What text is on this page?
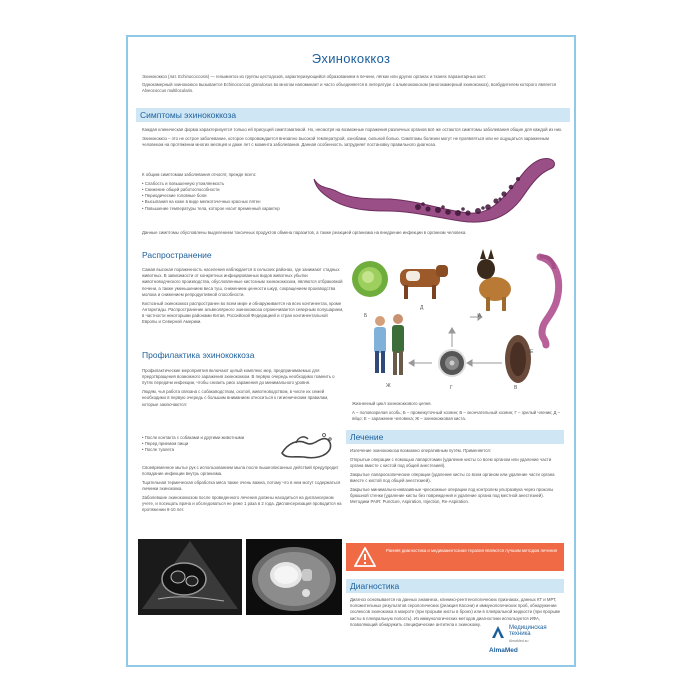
Эхинококкоз

Эхинококкоз (лат. Echinococcosis) — гельминтоз из группы цестодозов, характеризующийся образованием в печени, лёгких или других органах и тканях паразитарных кист.

Однокамерный эхинококкоз вызывается Echinococcus granulosus во многом напоминает и часто объединяется в литературе с альвеококкозом (многокамерный эхинококкоз), возбудителем которого является Alveococcus multilocularis.

Симптомы эхинококкоза

Каждая клиническая форма характеризуется только ей присущей симптоматикой. Но, несмотря на возможные поражения различных органов всё же остаются симптомы заболевания общие для каждой из них.

Эхинококкоз – это не острое заболевание, которое сопровождается внезапно высокой температурой, ознобами, сильной болью. Симптомы болезни могут не проявляться или не ощущаться зараженным человеком на протяжении многих месяцев и даже лет с момента заболевания. Данная особенность затрудняет постановку правильного диагноза.

К общим симптомам заболевания относят, прежде всего:

• Слабость и повышенную утомляемость
• Снижение общей работоспособности
• Периодические головные боли
• Высыпания на коже в виде мелкоточечных красных пятен
• Повышение температуры тела, которое носит временный характер

Данные симптомы обусловлены выделением токсичных продуктов обмена паразитов, а также реакцией организма на внедрение инфекции в организм человека.

Распространение

Самая высокая пораженность населения наблюдается в сельских районах, где занимают стадных животных. В зависимости от конкретных инфицированных видов животных убытки животноводческого производства, обусловленные кистозным эхинококкозом, являются отбраковкой печени, а также уменьшением веса туш, снижением ценности шкур, сокращением производства молока и снижением репродуктивной способности.

Кистозный эхинококкоз распространен во всем мире и обнаруживается на всех континентах, кроме Антарктиды. Распространение альвеолярного эхинококкоза ограничивается северным полушарием, в частности некоторыми районами Китая, Российской Федерацией и стран континентальной Европы и Северной Америки.

Б
Д
А
Е
Ж	Г	В

Жизненный цикл эхинококкового цепня.

А – половозрелая особь; Б – промежуточный хозяин; В – окончательный хозяин; Г – зрелый членик; Д – яйцо; Е – заражение человека; Ж – эхинококковая киста.

Профилактика эхинококкоза

Профилактические мероприятия включают целый комплекс мер, предпринимаемых для предотвращения возможного заражения эхинококком. В первую очередь необходимо помнить о путях передачи инфекции, чтобы снизить риск заражения до минимального уровня.

Людям, чья работа связана с собаководством, охотой, животноводством, в числе их семей необходимо в первую очередь с большим вниманием относиться к гигиеническим правилам, которые заключаются:

• После контакта с собаками и другими животными
• Перед приемом пищи
• После туалета

Своевременное мытье рук с использованием мыла после вышеописанных действий предупредит попадание инфекции внутрь организма.

Тщательная термическая обработка мяса также очень важна, потому что в нем могут содержаться личинки эхинококка.

Заболевшие эхинококкозом после проведенного лечения должны находиться на диспансерном учете, и посещать врача и обследоваться не реже 1 раза в 2 года. Диспансеризация проводится на протяжении 8-10 лет.

Лечение

Излечение эхинококкоза возможно оперативным путём. Применяется:

Открытые операции с помощью лапаротомии (удаление кисты со всем органом или удаление части органа вместе с кистой под общей анестезией).

Закрытые лапароскопические операции (удаление кисты со всем органом или удаление части органа вместе с кистой под общей анестезией).

Закрытые минимально-инвазивные чрескожные операции под контролем ультразвука через проколы брюшной стенки (удаление кисты без повреждения и удаление органа под местной анестезией). Методики PAIR: Puncture, Aspiration, Injection, Re-Aspiration.

Ранняя диагностика и медикаментозная терапия являются лучшим методом лечения
Диагностика

Диагноз основывается на данных анамнеза, клинико-рентгенологических признаках, данных КТ и МРТ, положительных результатов серологических (реакция Касони) и иммунологических проб, обнаружении сколексов эхинококка в мокроте (при прорыве кисты в бронх) или в плевральной жидкости (при прорыве кисты в плевральную полость). Из иммунологических методов диагностики используется ИФА, позволяющий обнаружить специфические антитела к эхинококку.

Медицинская
техника
AlmaMed.su
AlmaMed
